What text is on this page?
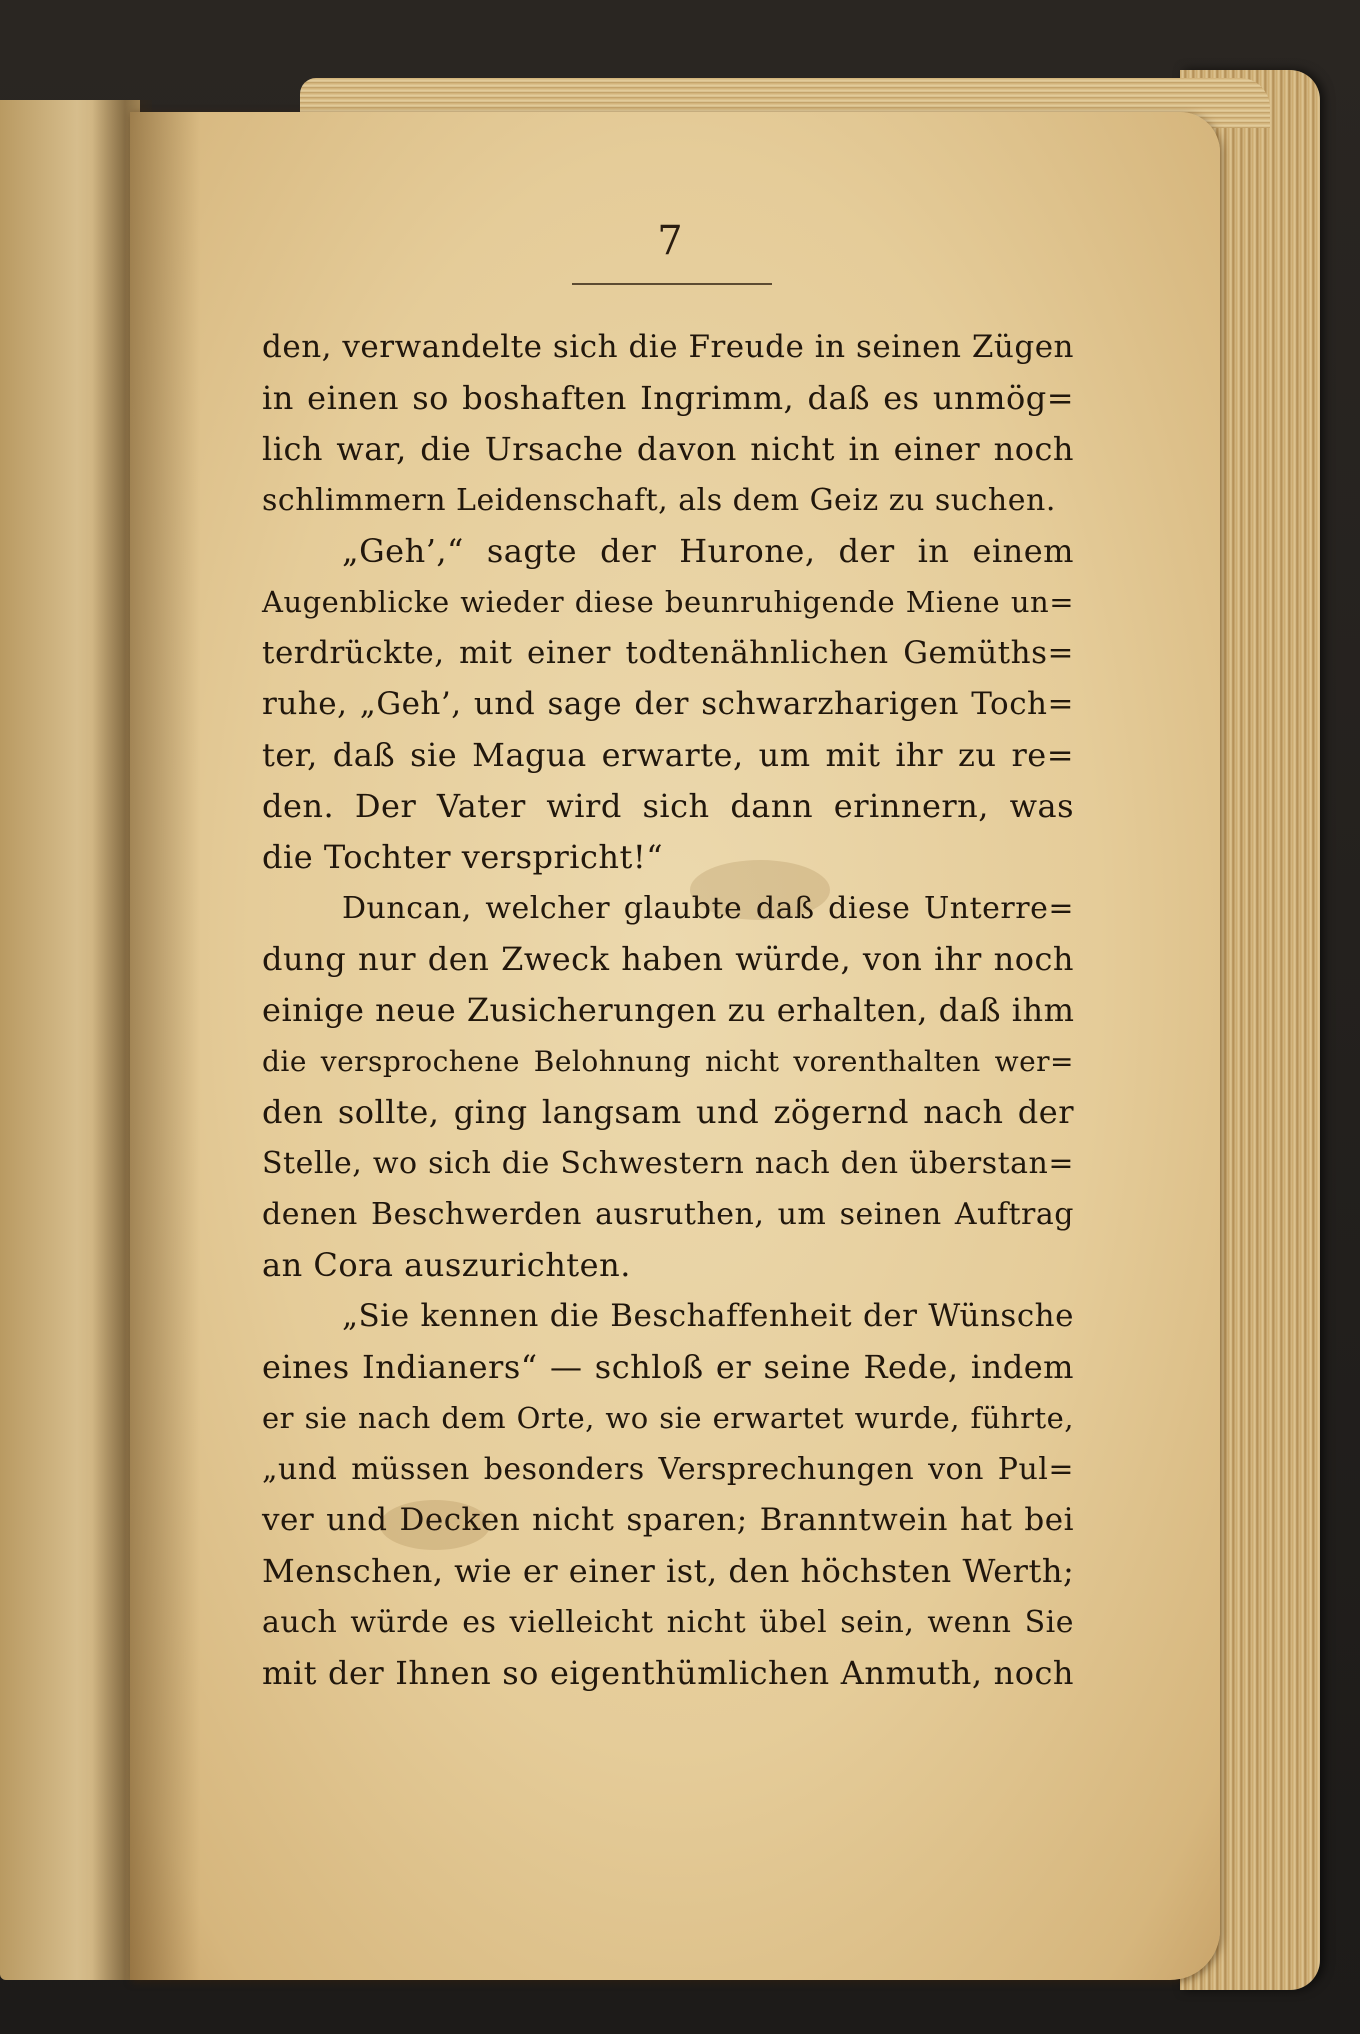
7
den, verwandelte sich die Freude in seinen Zügen
in einen so boshaften Ingrimm, daß es unmög=
lich war, die Ursache davon nicht in einer noch
schlimmern Leidenschaft, als dem Geiz zu suchen.
„Geh’,“ sagte der Hurone, der in einem
Augenblicke wieder diese beunruhigende Miene un=
terdrückte, mit einer todtenähnlichen Gemüths=
ruhe, „Geh’, und sage der schwarzharigen Toch=
ter, daß sie Magua erwarte, um mit ihr zu re=
den. Der Vater wird sich dann erinnern, was
die Tochter verspricht!“
Duncan, welcher glaubte daß diese Unterre=
dung nur den Zweck haben würde, von ihr noch
einige neue Zusicherungen zu erhalten, daß ihm
die versprochene Belohnung nicht vorenthalten wer=
den sollte, ging langsam und zögernd nach der
Stelle, wo sich die Schwestern nach den überstan=
denen Beschwerden ausruthen, um seinen Auftrag
an Cora auszurichten.
„Sie kennen die Beschaffenheit der Wünsche
eines Indianers“ — schloß er seine Rede, indem
er sie nach dem Orte, wo sie erwartet wurde, führte,
„und müssen besonders Versprechungen von Pul=
ver und Decken nicht sparen; Branntwein hat bei
Menschen, wie er einer ist, den höchsten Werth;
auch würde es vielleicht nicht übel sein, wenn Sie
mit der Ihnen so eigenthümlichen Anmuth, noch
